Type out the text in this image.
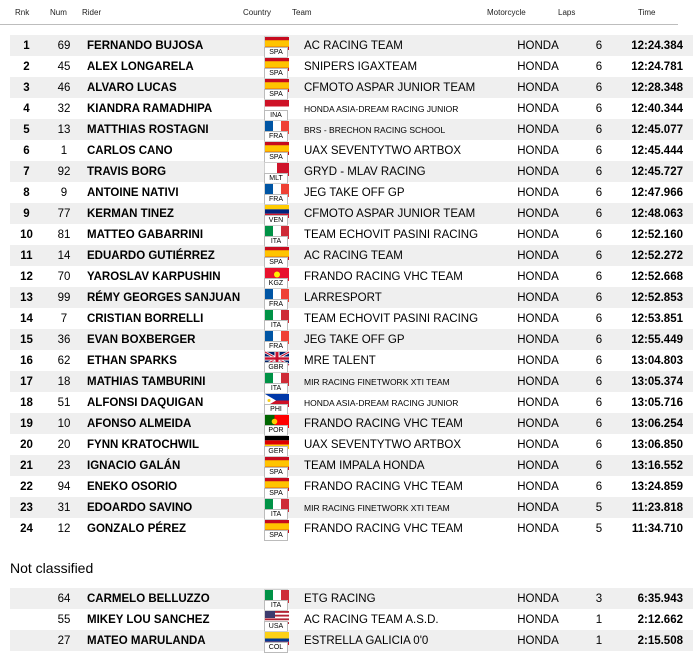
Rnk	Num Rider	Country	Team	Motorcycle	Laps	Time
1	69	FERNANDO BUJOSA	SPA	AC RACING TEAM	HONDA	6	12:24.384
2	45	ALEX LONGARELA	SPA	SNIPERS IGAXTEAM	HONDA	6	12:24.781
3	46	ALVARO LUCAS	SPA	CFMOTO ASPAR JUNIOR TEAM	HONDA	6	12:28.348
4	32	KIANDRA RAMADHIPA	INA	HONDA ASIA-DREAM RACING JUNIOR	HONDA	6	12:40.344
5	13	MATTHIAS ROSTAGNI	FRA	BRS - BRECHON RACING SCHOOL	HONDA	6	12:45.077
6	1	CARLOS CANO	SPA	UAX SEVENTYTWO ARTBOX	HONDA	6	12:45.444
7	92	TRAVIS BORG	MLT	GRYD - MLAV RACING	HONDA	6	12:45.727
8	9	ANTOINE NATIVI	FRA	JEG TAKE OFF GP	HONDA	6	12:47.966
9	77	KERMAN TINEZ	VEN	CFMOTO ASPAR JUNIOR TEAM	HONDA	6	12:48.063
10	81	MATTEO GABARRINI	ITA	TEAM ECHOVIT PASINI RACING	HONDA	6	12:52.160
11	14	EDUARDO GUTIÉRREZ	SPA	AC RACING TEAM	HONDA	6	12:52.272
12	70	YAROSLAV KARPUSHIN	KGZ	FRANDO RACING VHC TEAM	HONDA	6	12:52.668
13	99	RÉMY GEORGES SANJUAN	FRA	LARRESPORT	HONDA	6	12:52.853
14	7	CRISTIAN BORRELLI	ITA	TEAM ECHOVIT PASINI RACING	HONDA	6	12:53.851
15	36	EVAN BOXBERGER	FRA	JEG TAKE OFF GP	HONDA	6	12:55.449
16	62	ETHAN SPARKS	GBR	MRE TALENT	HONDA	6	13:04.803
17	18	MATHIAS TAMBURINI	ITA	MIR RACING FINETWORK XTI TEAM	HONDA	6	13:05.374
18	51	ALFONSI DAQUIGAN	PHI	HONDA ASIA-DREAM RACING JUNIOR	HONDA	6	13:05.716
19	10	AFONSO ALMEIDA	POR	FRANDO RACING VHC TEAM	HONDA	6	13:06.254
20	20	FYNN KRATOCHWIL	GER	UAX SEVENTYTWO ARTBOX	HONDA	6	13:06.850
21	23	IGNACIO GALÁN	SPA	TEAM IMPALA HONDA	HONDA	6	13:16.552
22	94	ENEKO OSORIO	SPA	FRANDO RACING VHC TEAM	HONDA	6	13:24.859
23	31	EDOARDO SAVINO	ITA	MIR RACING FINETWORK XTI TEAM	HONDA	5	11:23.818
24	12	GONZALO PÉREZ	SPA	FRANDO RACING VHC TEAM	HONDA	5	11:34.710
Not classified
	64	CARMELO BELLUZZO	ITA	ETG RACING	HONDA	3	6:35.943
	55	MIKEY LOU SANCHEZ	USA	AC RACING TEAM A.S.D.	HONDA	1	2:12.662
	27	MATEO MARULANDA	COL	ESTRELLA GALICIA 0'0	HONDA	1	2:15.508
